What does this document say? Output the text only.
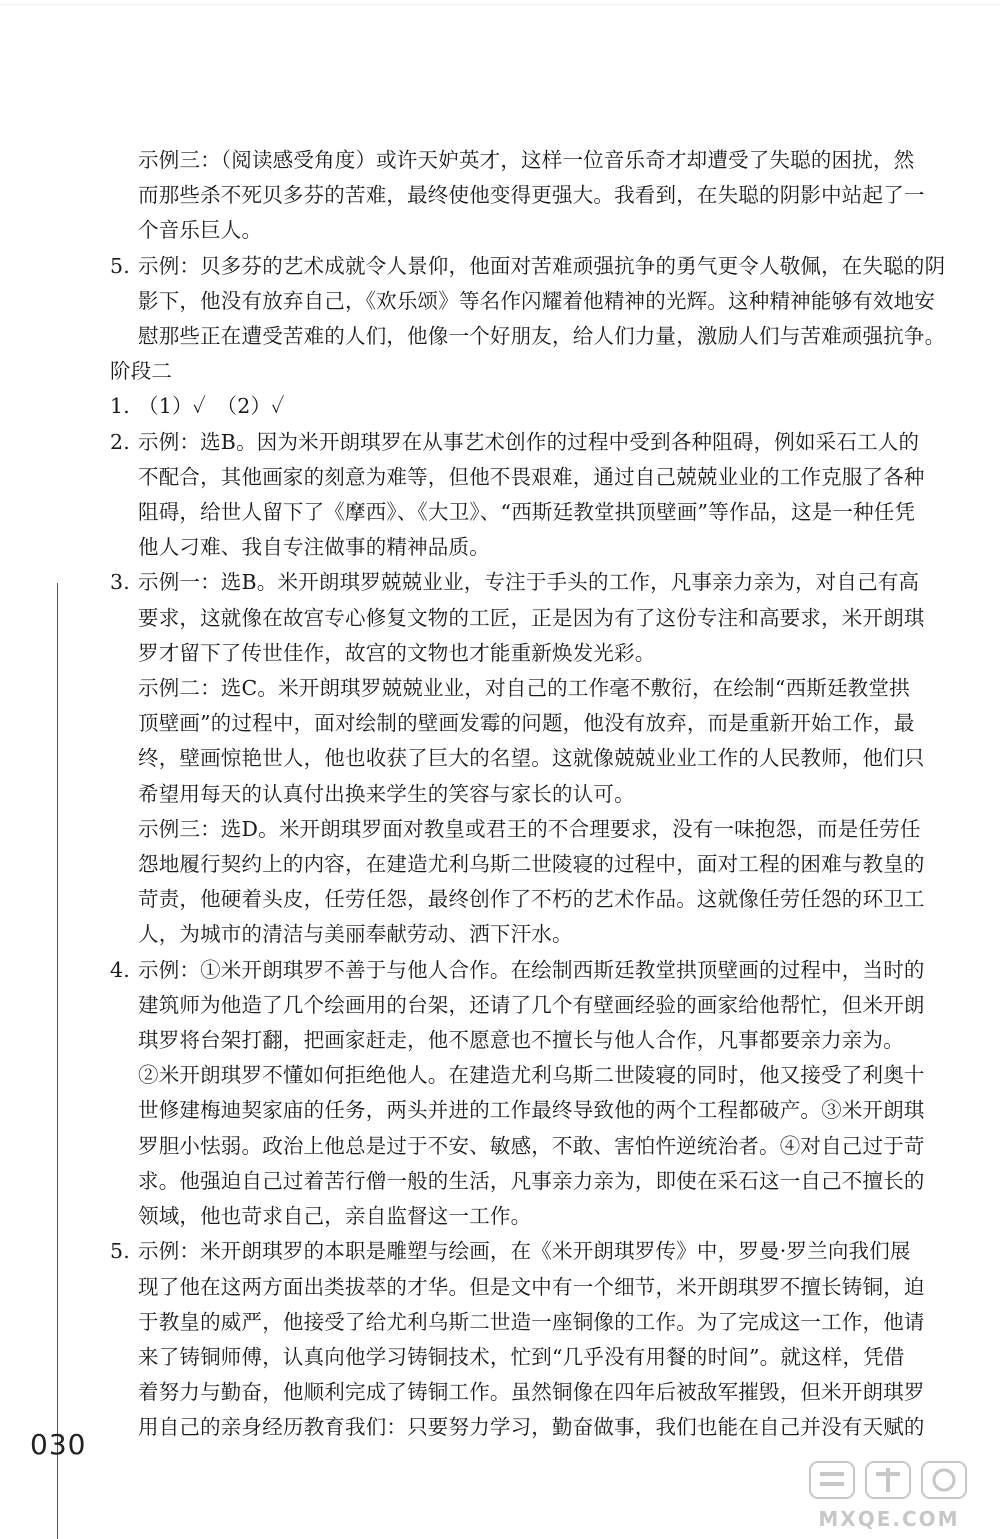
示例三：（阅读感受角度）或许天妒英才，这样一位音乐奇才却遭受了失聪的困扰，然
而那些杀不死贝多芬的苦难，最终使他变得更强大。我看到，在失聪的阴影中站起了一
个音乐巨人。
5. 示例：贝多芬的艺术成就令人景仰，他面对苦难顽强抗争的勇气更令人敬佩，在失聪的阴
影下，他没有放弃自己，《欢乐颂》等名作闪耀着他精神的光辉。这种精神能够有效地安
慰那些正在遭受苦难的人们，他像一个好朋友，给人们力量，激励人们与苦难顽强抗争。

阶段二

1. （1）✓　（2）✓
2. 示例：选B。因为米开朗琪罗在从事艺术创作的过程中受到各种阻碍，例如采石工人的
不配合，其他画家的刻意为难等，但他不畏艰难，通过自己兢兢业业的工作克服了各种
阻碍，给世人留下了《摩西》、《大卫》、“西斯廷教堂拱顶壁画”等作品，这是一种任凭
他人刁难、我自专注做事的精神品质。
3. 示例一：选B。米开朗琪罗兢兢业业，专注于手头的工作，凡事亲力亲为，对自己有高
要求，这就像在故宫专心修复文物的工匠，正是因为有了这份专注和高要求，米开朗琪
罗才留下了传世佳作，故宫的文物也才能重新焕发光彩。
示例二：选C。米开朗琪罗兢兢业业，对自己的工作毫不敷衍，在绘制“西斯廷教堂拱
顶壁画”的过程中，面对绘制的壁画发霉的问题，他没有放弃，而是重新开始工作，最
终，壁画惊艳世人，他也收获了巨大的名望。这就像兢兢业业工作的人民教师，他们只
希望用每天的认真付出换来学生的笑容与家长的认可。
示例三：选D。米开朗琪罗面对教皇或君王的不合理要求，没有一味抱怨，而是任劳任
怨地履行契约上的内容，在建造尤利乌斯二世陵寝的过程中，面对工程的困难与教皇的
苛责，他硬着头皮，任劳任怨，最终创作了不朽的艺术作品。这就像任劳任怨的环卫工
人，为城市的清洁与美丽奉献劳动、洒下汗水。
4. 示例：①米开朗琪罗不善于与他人合作。在绘制西斯廷教堂拱顶壁画的过程中，当时的
建筑师为他造了几个绘画用的台架，还请了几个有壁画经验的画家给他帮忙，但米开朗
琪罗将台架打翻，把画家赶走，他不愿意也不擅长与他人合作，凡事都要亲力亲为。
②米开朗琪罗不懂如何拒绝他人。在建造尤利乌斯二世陵寝的同时，他又接受了利奥十
世修建梅迪契家庙的任务，两头并进的工作最终导致他的两个工程都破产。③米开朗琪
罗胆小怯弱。政治上他总是过于不安、敏感，不敢、害怕忤逆统治者。④对自己过于苛
求。他强迫自己过着苦行僧一般的生活，凡事亲力亲为，即使在采石这一自己不擅长的
领域，他也苛求自己，亲自监督这一工作。
5. 示例：米开朗琪罗的本职是雕塑与绘画，在《米开朗琪罗传》中，罗曼·罗兰向我们展
现了他在这两方面出类拔萃的才华。但是文中有一个细节，米开朗琪罗不擅长铸铜，迫
于教皇的威严，他接受了给尤利乌斯二世造一座铜像的工作。为了完成这一工作，他请
来了铸铜师傅，认真向他学习铸铜技术，忙到“几乎没有用餐的时间”。就这样，凭借
着努力与勤奋，他顺利完成了铸铜工作。虽然铜像在四年后被敌军摧毁，但米开朗琪罗
用自己的亲身经历教育我们：只要努力学习，勤奋做事，我们也能在自己并没有天赋的
030
MXQE.COM
